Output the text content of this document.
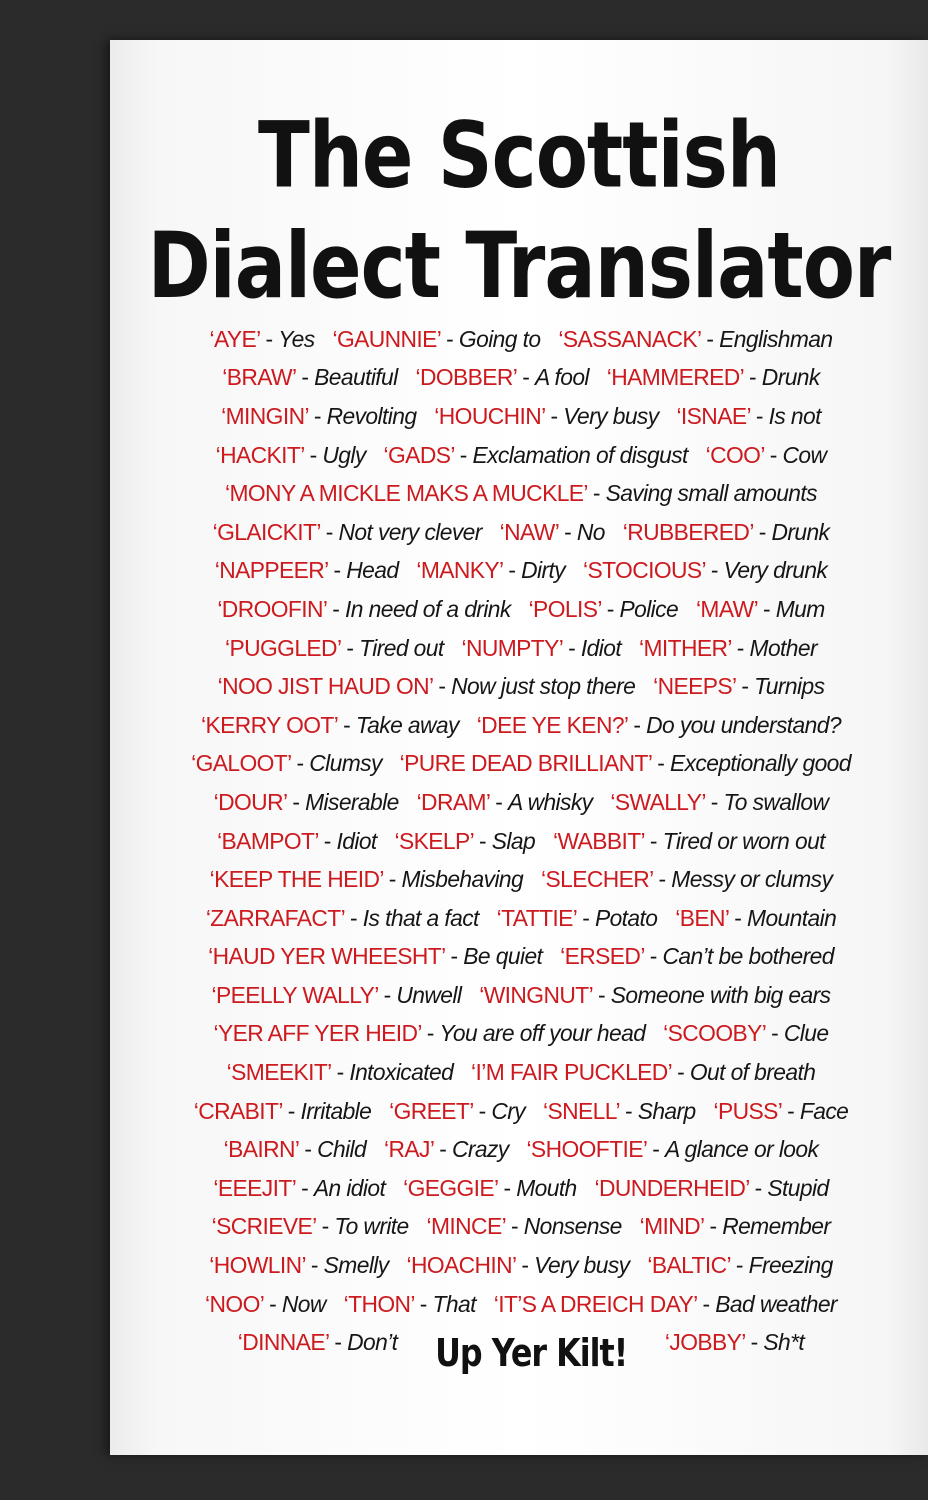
The Scottish
Dialect Translator
‘AYE’ - Yes ‘GAUNNIE’ - Going to ‘SASSANACK’ - Englishman
‘BRAW’ - Beautiful ‘DOBBER’ - A fool ‘HAMMERED’ - Drunk
‘MINGIN’ - Revolting ‘HOUCHIN’ - Very busy ‘ISNAE’ - Is not
‘HACKIT’ - Ugly ‘GADS’ - Exclamation of disgust ‘COO’ - Cow
‘MONY A MICKLE MAKS A MUCKLE’ - Saving small amounts
‘GLAICKIT’ - Not very clever ‘NAW’ - No ‘RUBBERED’ - Drunk
‘NAPPEER’ - Head ‘MANKY’ - Dirty ‘STOCIOUS’ - Very drunk
‘DROOFIN’ - In need of a drink ‘POLIS’ - Police ‘MAW’ - Mum
‘PUGGLED’ - Tired out ‘NUMPTY’ - Idiot ‘MITHER’ - Mother
‘NOO JIST HAUD ON’ - Now just stop there ‘NEEPS’ - Turnips
‘KERRY OOT’ - Take away ‘DEE YE KEN?’ - Do you understand?
‘GALOOT’ - Clumsy ‘PURE DEAD BRILLIANT’ - Exceptionally good
‘DOUR’ - Miserable ‘DRAM’ - A whisky ‘SWALLY’ - To swallow
‘BAMPOT’ - Idiot ‘SKELP’ - Slap ‘WABBIT’ - Tired or worn out
‘KEEP THE HEID’ - Misbehaving ‘SLECHER’ - Messy or clumsy
‘ZARRAFACT’ - Is that a fact ‘TATTIE’ - Potato ‘BEN’ - Mountain
‘HAUD YER WHEESHT’ - Be quiet ‘ERSED’ - Can’t be bothered
‘PEELLY WALLY’ - Unwell ‘WINGNUT’ - Someone with big ears
‘YER AFF YER HEID’ - You are off your head ‘SCOOBY’ - Clue
‘SMEEKIT’ - Intoxicated ‘I’M FAIR PUCKLED’ - Out of breath
‘CRABIT’ - Irritable ‘GREET’ - Cry ‘SNELL’ - Sharp ‘PUSS’ - Face
‘BAIRN’ - Child ‘RAJ’ - Crazy ‘SHOOFTIE’ - A glance or look
‘EEEJIT’ - An idiot ‘GEGGIE’ - Mouth ‘DUNDERHEID’ - Stupid
‘SCRIEVE’ - To write ‘MINCE’ - Nonsense ‘MIND’ - Remember
‘HOWLIN’ - Smelly ‘HOACHIN’ - Very busy ‘BALTIC’ - Freezing
‘NOO’ - Now ‘THON’ - That ‘IT’S A DREICH DAY’ - Bad weather
‘DINNAE’ - Don’t Up Yer Kilt! ‘JOBBY’ - Sh*t
